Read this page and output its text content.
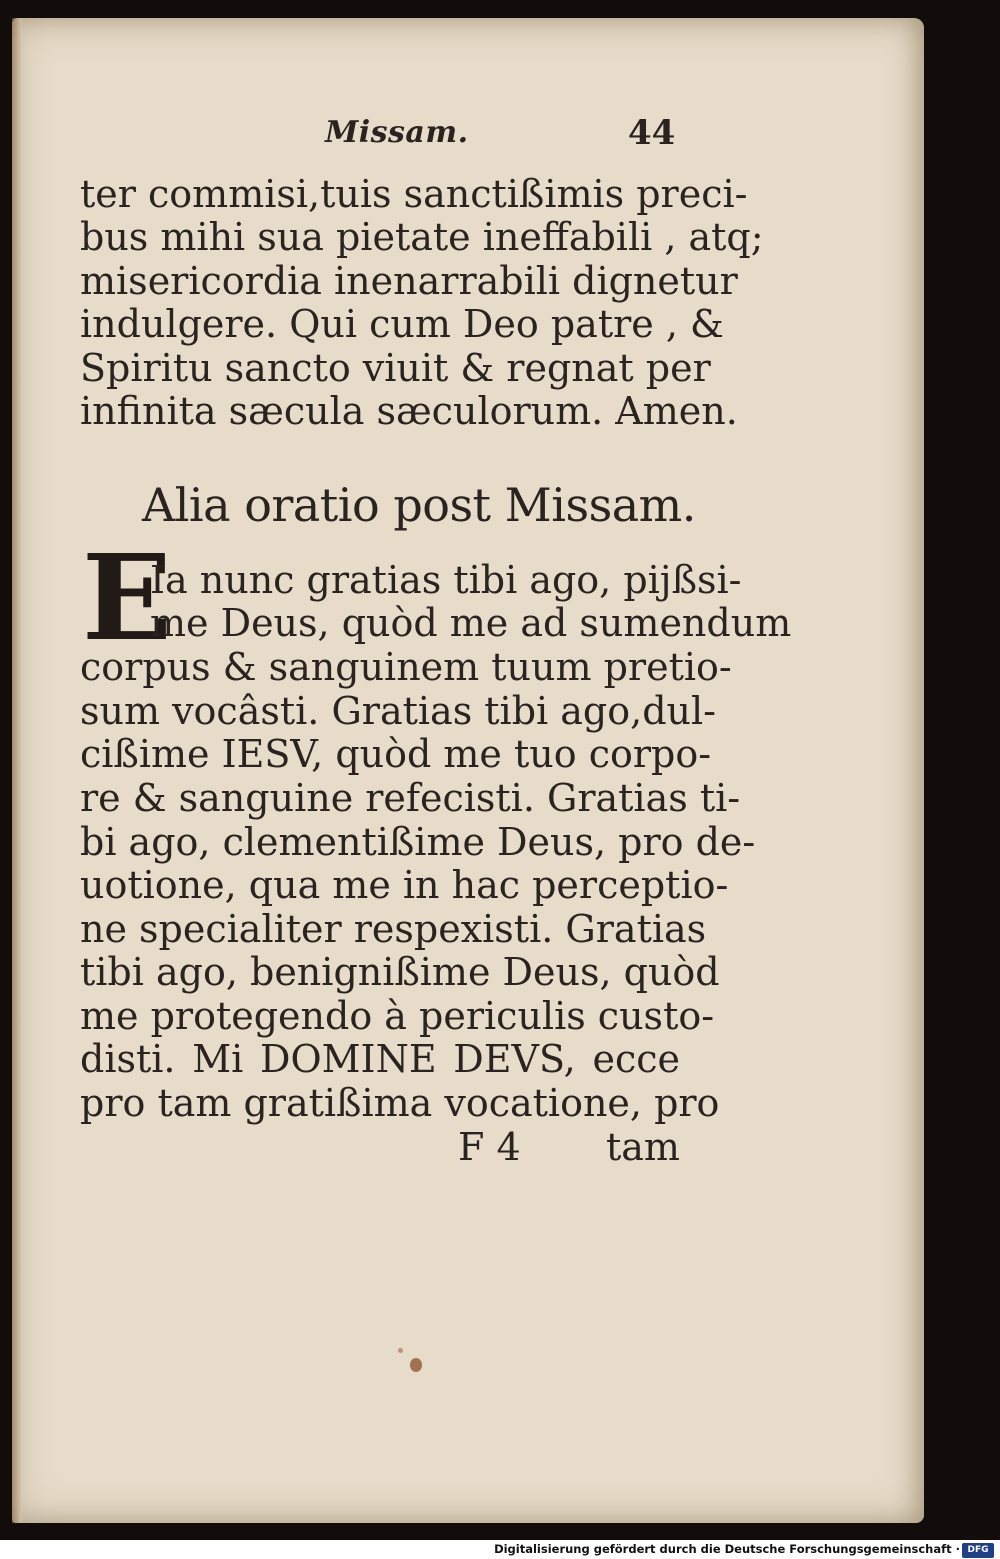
Missam.	44
ter commisi,tuis sanctißimis preci-
bus mihi sua pietate ineffabili , atq;
misericordia inenarrabili dignetur
indulgere. Qui cum Deo patre , &
Spiritu sancto viuit & regnat per
infinita sæcula sæculorum. Amen.
Alia oratio post Missam.
E
Ia nunc gratias tibi ago, pijßsi-
me Deus, quòd me ad sumendum
corpus & sanguinem tuum pretio-
sum vocâsti. Gratias tibi ago,dul-
cißime IESV, quòd me tuo corpo-
re & sanguine refecisti. Gratias ti-
bi ago, clementißime Deus, pro de-
uotione, qua me in hac perceptio-
ne specialiter respexisti. Gratias
tibi ago, benignißime Deus, quòd
me protegendo à periculis custo-
disti. Mi DOMINE DEVS, ecce
pro tam gratißima vocatione, pro
F 4 tam
Digitalisierung gefördert durch die Deutsche Forschungsgemeinschaft · DFG
